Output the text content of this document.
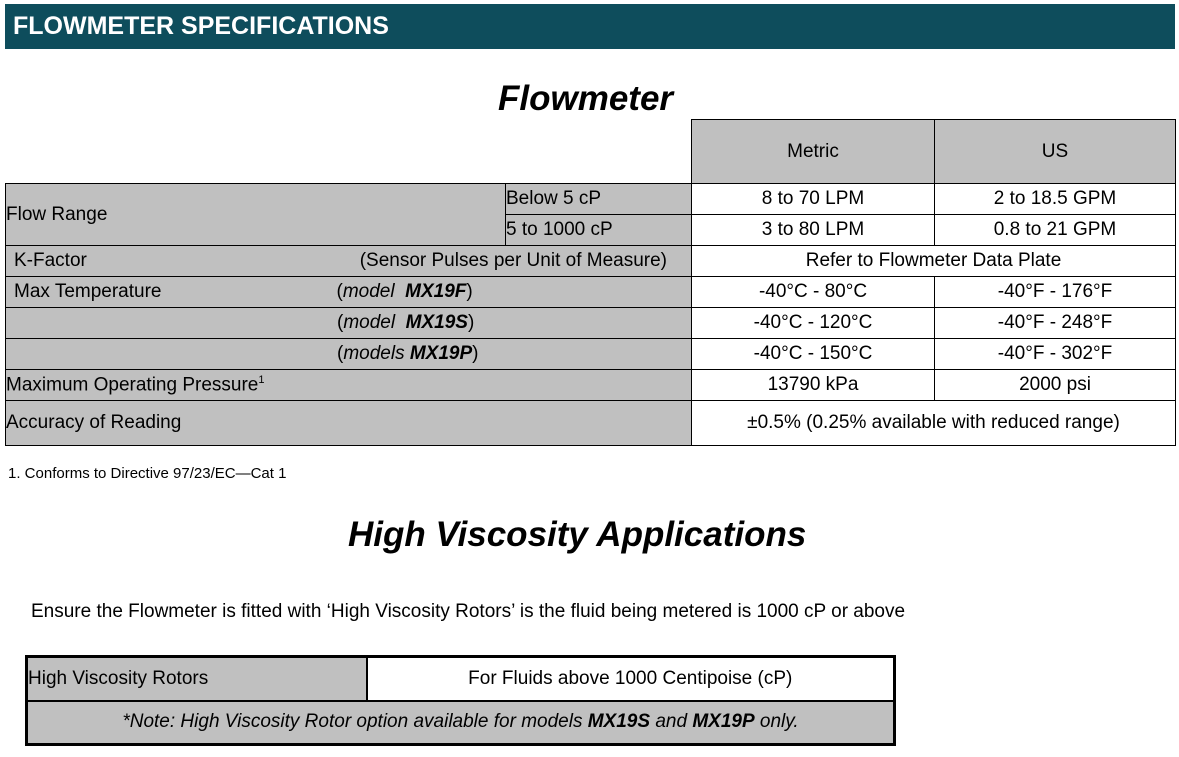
FLOWMETER SPECIFICATIONS
Flowmeter
		Metric	US
Flow Range	Below 5 cP	8 to 70 LPM	2 to 18.5 GPM
	5 to 1000 cP	3 to 80 LPM	0.8 to 21 GPM

K-Factor (Sensor Pulses per Unit of Measure)		Refer to Flowmeter Data Plate	
Max Temperature (model MX19F)		-40°C - 80°C	-40°F - 176°F
(model MX19S)		-40°C - 120°C	-40°F - 248°F
(models MX19P)		-40°C - 150°C	-40°F - 302°F
Maximum Operating Pressure$^1$		13790 kPa	2000 psi
Accuracy of Reading		±0.5% (0.25% available with reduced range)	
1. Conforms to Directive 97/23/EC—Cat 1
High Viscosity Applications
Ensure the Flowmeter is fitted with ‘High Viscosity Rotors’ is the fluid being metered is 1000 cP or above
High Viscosity Rotors	For Fluids above 1000 Centipoise (cP)
*Note: High Viscosity Rotor option available for models MX19S and MX19P only.
